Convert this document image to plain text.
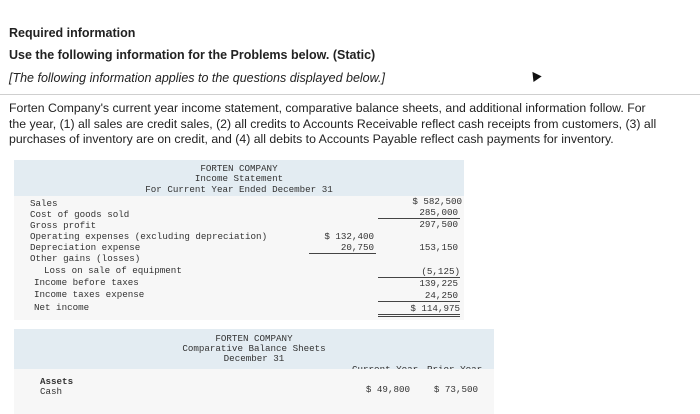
Required information
Use the following information for the Problems below. (Static)
[The following information applies to the questions displayed below.]
Forten Company's current year income statement, comparative balance sheets, and additional information follow. For the year, (1) all sales are credit sales, (2) all credits to Accounts Receivable reflect cash receipts from customers, (3) all purchases of inventory are on credit, and (4) all debits to Accounts Payable reflect cash payments for inventory.
FORTEN COMPANY
Income Statement
For Current Year Ended December 31
Sales
Cost of goods sold
Gross profit
Operating expenses (excluding depreciation)
Depreciation expense
Other gains (losses)
Loss on sale of equipment
Income before taxes
Income taxes expense
Net income
$ 132,400
20,750
$ 582,500
285,000
297,500
153,150
(5,125)
139,225
24,250
$ 114,975
FORTEN COMPANY
Comparative Balance Sheets
December 31
Assets
Cash	$ 49,800	$ 73,500
